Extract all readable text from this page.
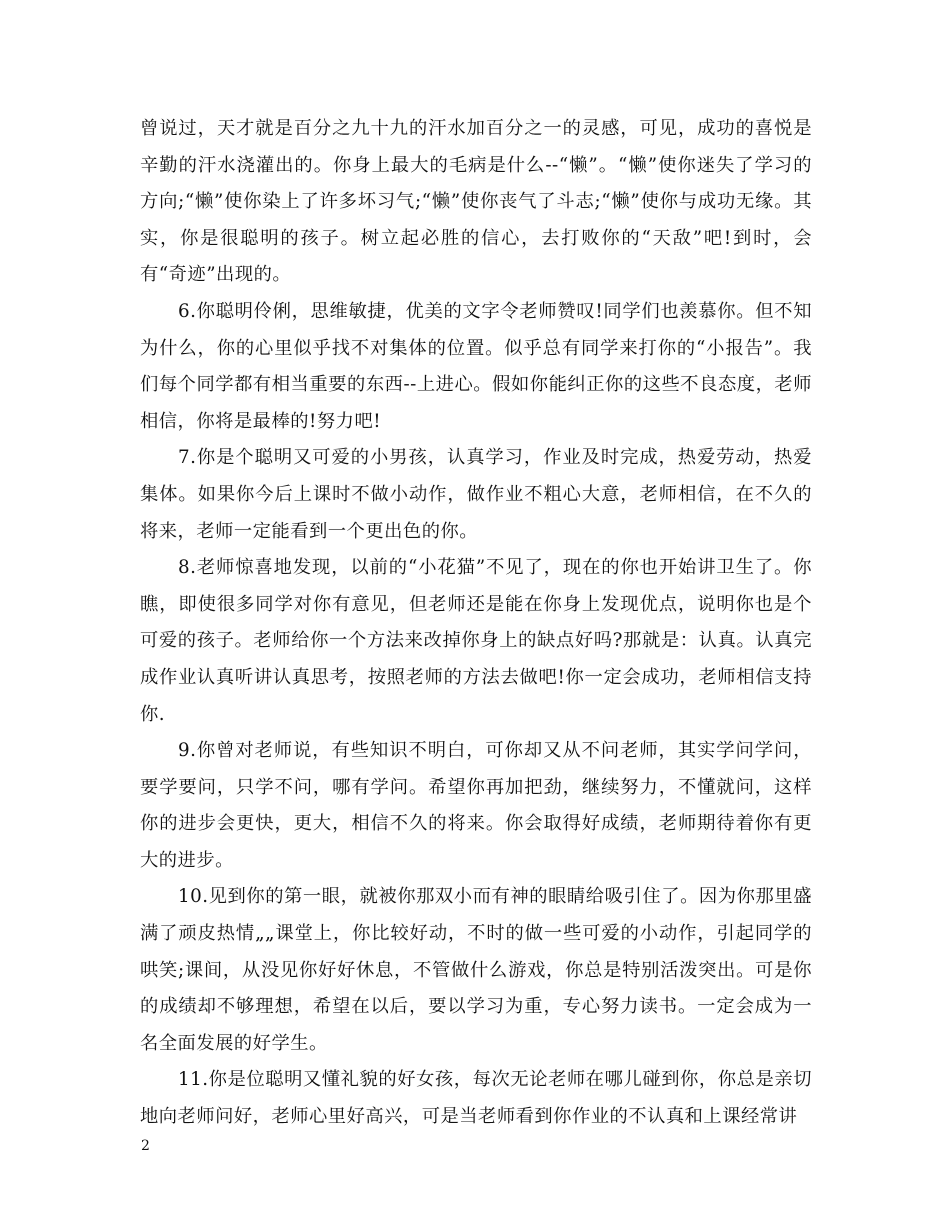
曾说过，天才就是百分之九十九的汗水加百分之一的灵感，可见，成功的喜悦是辛勤的汗水浇灌出的。你身上最大的毛病是什么--“懒”。“懒”使你迷失了学习的方向;“懒”使你染上了许多坏习气;“懒”使你丧气了斗志;“懒”使你与成功无缘。其实，你是很聪明的孩子。树立起必胜的信心，去打败你的“天敌”吧!到时，会有“奇迹”出现的。

6.你聪明伶俐，思维敏捷，优美的文字令老师赞叹!同学们也羡慕你。但不知为什么，你的心里似乎找不对集体的位置。似乎总有同学来打你的“小报告”。我们每个同学都有相当重要的东西--上进心。假如你能纠正你的这些不良态度，老师相信，你将是最棒的!努力吧!

7.你是个聪明又可爱的小男孩，认真学习，作业及时完成，热爱劳动，热爱集体。如果你今后上课时不做小动作，做作业不粗心大意，老师相信，在不久的将来，老师一定能看到一个更出色的你。

8.老师惊喜地发现，以前的“小花猫”不见了，现在的你也开始讲卫生了。你瞧，即使很多同学对你有意见，但老师还是能在你身上发现优点，说明你也是个可爱的孩子。老师给你一个方法来改掉你身上的缺点好吗?那就是：认真。认真完成作业认真听讲认真思考，按照老师的方法去做吧!你一定会成功，老师相信支持你.

9.你曾对老师说，有些知识不明白，可你却又从不问老师，其实学问学问，要学要问，只学不问，哪有学问。希望你再加把劲，继续努力，不懂就问，这样你的进步会更快，更大，相信不久的将来。你会取得好成绩，老师期待着你有更大的进步。

10.见到你的第一眼，就被你那双小而有神的眼睛给吸引住了。因为你那里盛满了顽皮热情„„课堂上，你比较好动，不时的做一些可爱的小动作，引起同学的哄笑;课间，从没见你好好休息，不管做什么游戏，你总是特别活泼突出。可是你的成绩却不够理想，希望在以后，要以学习为重，专心努力读书。一定会成为一名全面发展的好学生。

11.你是位聪明又懂礼貌的好女孩，每次无论老师在哪儿碰到你，你总是亲切地向老师问好，老师心里好高兴，可是当老师看到你作业的不认真和上课经常讲

2
